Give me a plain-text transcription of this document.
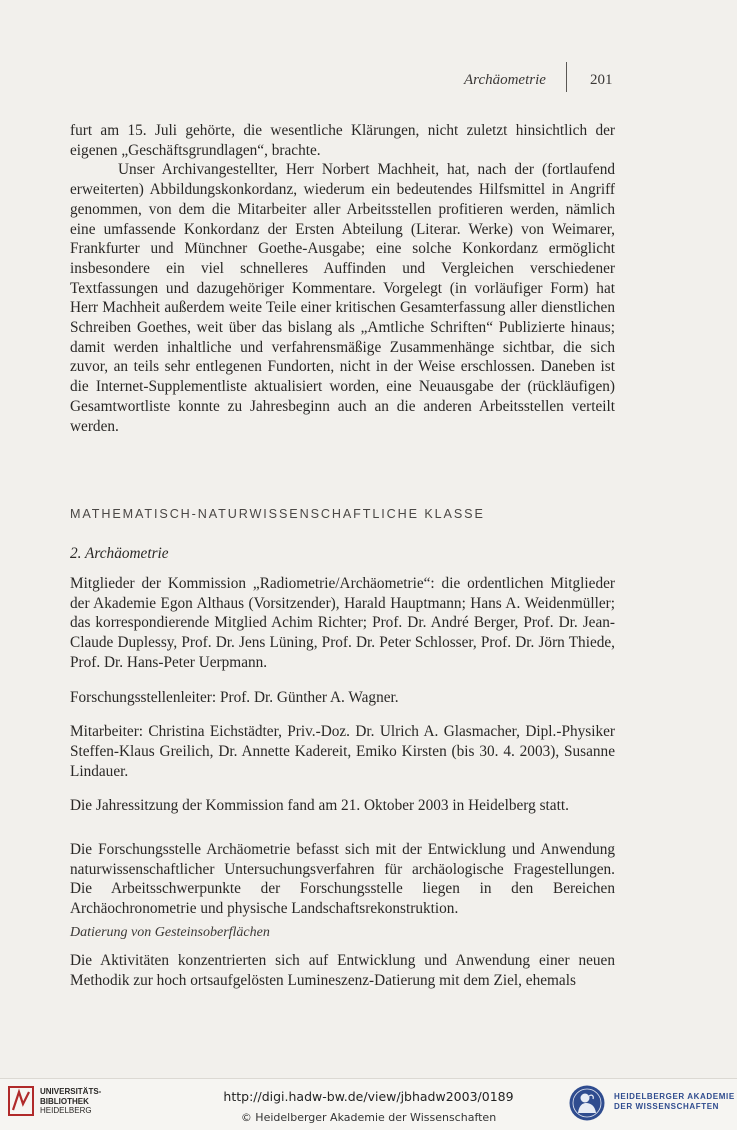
Archäometrie	201

furt am 15. Juli gehörte, die wesentliche Klärungen, nicht zuletzt hinsichtlich der eigenen „Geschäftsgrundlagen“, brachte.

Unser Archivangestellter, Herr Norbert Machheit, hat, nach der (fortlaufend erweiterten) Abbildungskonkordanz, wiederum ein bedeutendes Hilfsmittel in Angriff genommen, von dem die Mitarbeiter aller Arbeitsstellen profitieren werden, nämlich eine umfassende Konkordanz der Ersten Abteilung (Literar. Werke) von Weimarer, Frankfurter und Münchner Goethe-Ausgabe; eine solche Konkordanz ermöglicht insbesondere ein viel schnelleres Auffinden und Vergleichen verschiedener Textfassungen und dazugehöriger Kommentare. Vorgelegt (in vorläufiger Form) hat Herr Machheit außerdem weite Teile einer kritischen Gesamterfassung aller dienstlichen Schreiben Goethes, weit über das bislang als „Amtliche Schriften“ Publizierte hinaus; damit werden inhaltliche und verfahrensmäßige Zusammenhänge sichtbar, die sich zuvor, an teils sehr entlegenen Fundorten, nicht in der Weise erschlossen. Daneben ist die Internet-Supplementliste aktualisiert worden, eine Neuausgabe der (rückläufigen) Gesamtwortliste konnte zu Jahresbeginn auch an die anderen Arbeitsstellen verteilt werden.

MATHEMATISCH-NATURWISSENSCHAFTLICHE KLASSE
2. Archäometrie

Mitglieder der Kommission „Radiometrie/Archäometrie“: die ordentlichen Mitglieder der Akademie Egon Althaus (Vorsitzender), Harald Hauptmann; Hans A. Weidenmüller; das korrespondierende Mitglied Achim Richter; Prof. Dr. André Berger, Prof. Dr. Jean-Claude Duplessy, Prof. Dr. Jens Lüning, Prof. Dr. Peter Schlosser, Prof. Dr. Jörn Thiede, Prof. Dr. Hans-Peter Uerpmann.

Forschungsstellenleiter: Prof. Dr. Günther A. Wagner.

Mitarbeiter: Christina Eichstädter, Priv.-Doz. Dr. Ulrich A. Glasmacher, Dipl.-Physiker Steffen-Klaus Greilich, Dr. Annette Kadereit, Emiko Kirsten (bis 30. 4. 2003), Susanne Lindauer.

Die Jahressitzung der Kommission fand am 21. Oktober 2003 in Heidelberg statt.

Die Forschungsstelle Archäometrie befasst sich mit der Entwicklung und Anwendung naturwissenschaftlicher Untersuchungsverfahren für archäologische Fragestellungen. Die Arbeitsschwerpunkte der Forschungsstelle liegen in den Bereichen Archäochronometrie und physische Landschaftsrekonstruktion.

Datierung von Gesteinsoberflächen

Die Aktivitäten konzentrierten sich auf Entwicklung und Anwendung einer neuen Methodik zur hoch ortsaufgelösten Lumineszenz-Datierung mit dem Ziel, ehemals

UNIVERSITÄTS-
BIBLIOTHEK
HEIDELBERG
http://digi.hadw-bw.de/view/jbhadw2003/0189
© Heidelberger Akademie der Wissenschaften
HEIDELBERGER AKADEMIE
DER WISSENSCHAFTEN
